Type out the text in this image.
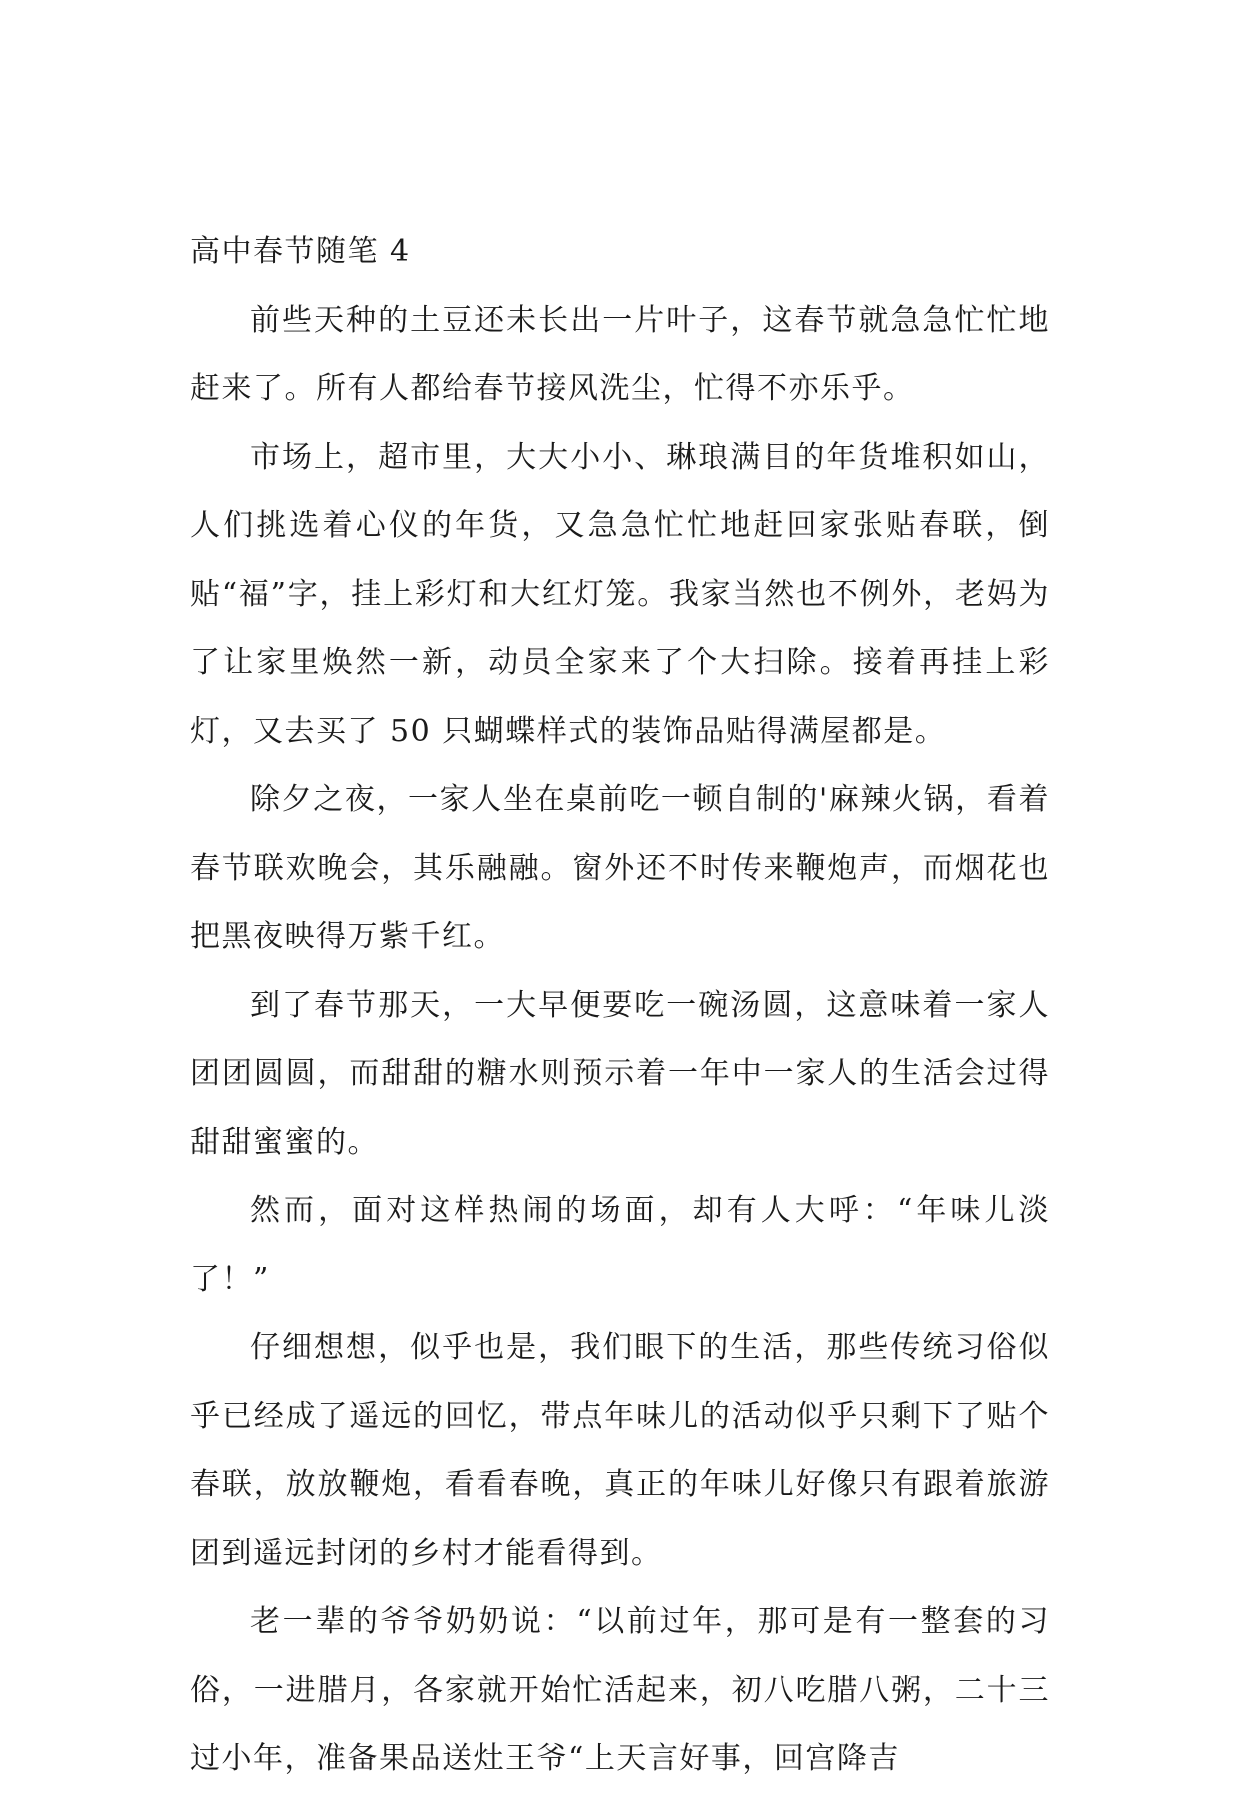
高中春节随笔 4

前些天种的土豆还未长出一片叶子，这春节就急急忙忙地赶来了。所有人都给春节接风洗尘，忙得不亦乐乎。

市场上，超市里，大大小小、琳琅满目的年货堆积如山，人们挑选着心仪的年货，又急急忙忙地赶回家张贴春联，倒贴“福”字，挂上彩灯和大红灯笼。我家当然也不例外，老妈为了让家里焕然一新，动员全家来了个大扫除。接着再挂上彩灯，又去买了 50 只蝴蝶样式的装饰品贴得满屋都是。

除夕之夜，一家人坐在桌前吃一顿自制的'麻辣火锅，看着春节联欢晚会，其乐融融。窗外还不时传来鞭炮声，而烟花也把黑夜映得万紫千红。

到了春节那天，一大早便要吃一碗汤圆，这意味着一家人团团圆圆，而甜甜的糖水则预示着一年中一家人的生活会过得甜甜蜜蜜的。

然而，面对这样热闹的场面，却有人大呼：“年味儿淡了！”

仔细想想，似乎也是，我们眼下的生活，那些传统习俗似乎已经成了遥远的回忆，带点年味儿的活动似乎只剩下了贴个春联，放放鞭炮，看看春晚，真正的年味儿好像只有跟着旅游团到遥远封闭的乡村才能看得到。

老一辈的爷爷奶奶说：“以前过年，那可是有一整套的习俗，一进腊月，各家就开始忙活起来，初八吃腊八粥，二十三过小年，准备果品送灶王爷“上天言好事，回宫降吉
